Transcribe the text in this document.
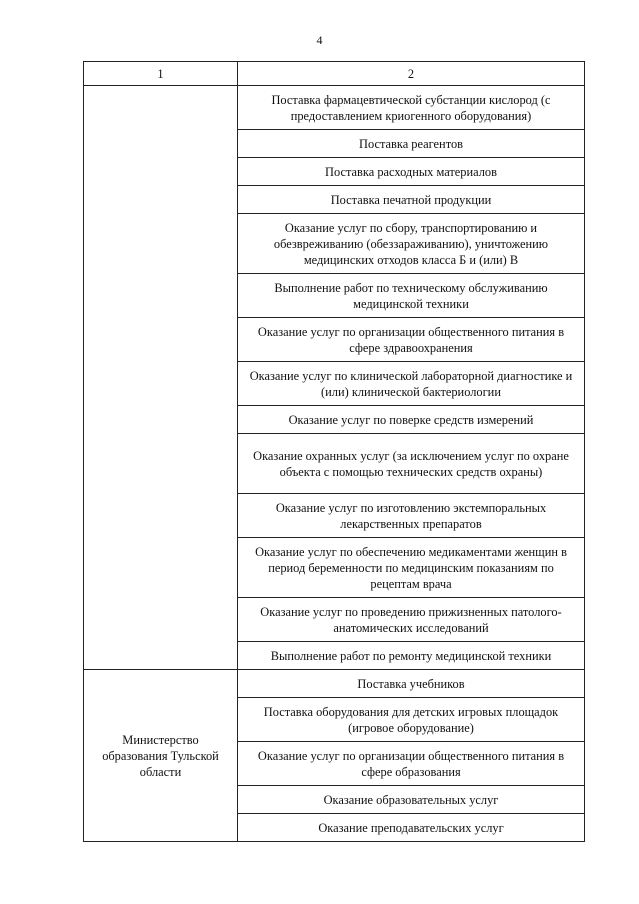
4
1	2
	Поставка фармацевтической субстанции кислород (с предоставлением криогенного оборудования)
	Поставка реагентов
	Поставка расходных материалов
	Поставка печатной продукции
	Оказание услуг по сбору, транспортированию и обезвреживанию (обеззараживанию), уничтожению медицинских отходов класса Б и (или) В
	Выполнение работ по техническому обслуживанию медицинской техники
	Оказание услуг по организации общественного питания в сфере здравоохранения
	Оказание услуг по клинической лабораторной диагностике и (или) клинической бактериологии
	Оказание услуг по поверке средств измерений
	Оказание охранных услуг (за исключением услуг по охране объекта с помощью технических средств охраны)
	Оказание услуг по изготовлению экстемпоральных лекарственных препаратов
	Оказание услуг по обеспечению медикаментами женщин в период беременности по медицинским показаниям по рецептам врача
	Оказание услуг по проведению прижизненных патолого-анатомических исследований
	Выполнение работ по ремонту медицинской техники
Министерство образования Тульской области	Поставка учебников
	Поставка оборудования для детских игровых площадок (игровое оборудование)
	Оказание услуг по организации общественного питания в сфере образования
	Оказание образовательных услуг
	Оказание преподавательских услуг
